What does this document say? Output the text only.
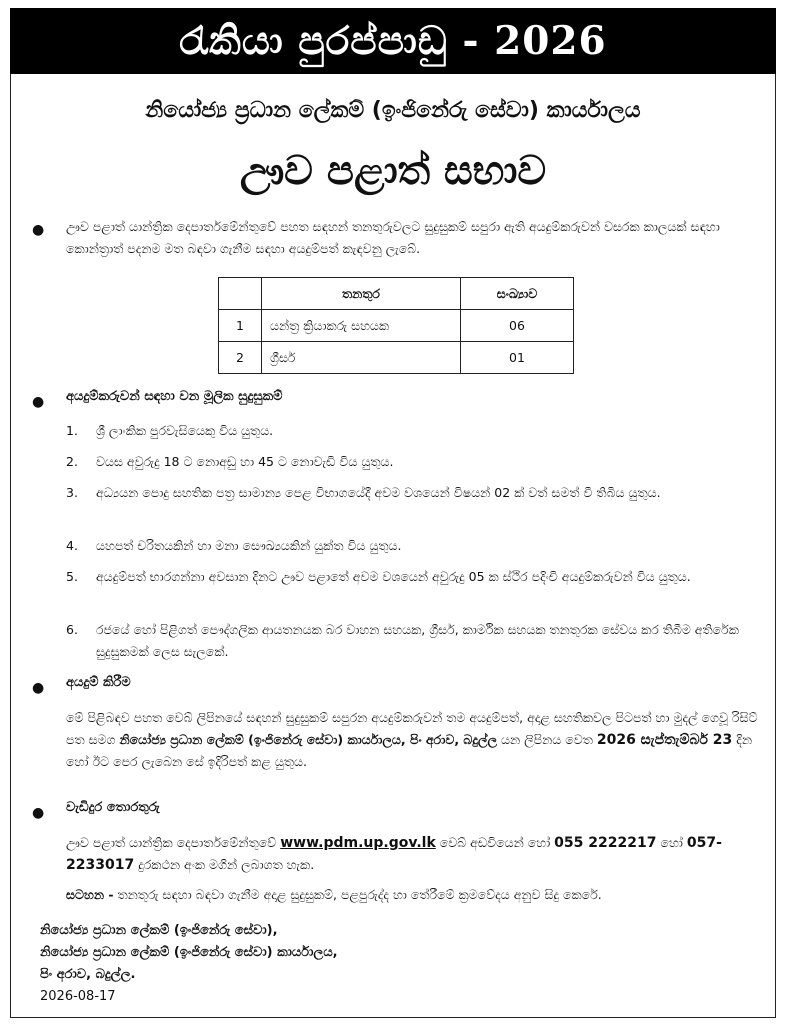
රැකියා පුරප්පාඩු - 2026
නියෝජ්‍ය ප්‍රධාන ලේකම් (ඉංජිනේරු සේවා) කාර්යාලය
ඌව පළාත් සභාව
● ඌව පළාත් යාන්ත්‍රික දෙපාර්තමේන්තුවේ පහත සඳහන් තනතුරුවලට සුදුසුකම් සපුරා ඇති අයදුම්කරුවන් වසරක කාලයක් සඳහා කොන්ත්‍රාත් පදනම මත බඳවා ගැනීම සඳහා අයදුම්පත් කැඳවනු ලැබේ.
	තනතුර	සංඛ්‍යාව
1	යන්ත්‍ර ක්‍රියාකරු සහයක	06
2	ග්‍රීසර්	01
● අයදුම්කරුවන් සඳහා වන මූලික සුදුසුකම්
1. ශ්‍රී ලාංකික පුරවැසියෙකු විය යුතුය.
2. වයස අවුරුදු 18 ට නොඅඩු හා 45 ට නොවැඩි විය යුතුය.
3. අධ්‍යයන පොදු සහතික පත්‍ර සාමාන්‍ය පෙළ විභාගයේදී අවම වශයෙන් විෂයන් 02 ක් වත් සමත් වී තිබිය යුතුය.
4. යහපත් චරිතයකින් හා මනා සෞඛ්‍යයකින් යුක්ත විය යුතුය.
5. අයදුම්පත් භාරගන්නා අවසාන දිනට ඌව පළාතේ අවම වශයෙන් අවුරුදු 05 ක ස්ථිර පදිංචි අයදුම්කරුවන් විය යුතුය.
6. රජයේ හෝ පිළිගත් පෞද්ගලික ආයතනයක බර වාහන සහයක, ග්‍රීසර්, කාර්මික සහයක තනතුරක සේවය කර තිබීම අතිරේක සුදුසුකමක් ලෙස සැලකේ.
● අයදුම් කිරීම
මේ පිළිබඳව පහත වෙබ් ලිපිනයේ සඳහන් සුදුසුකම් සපුරන අයදුම්කරුවන් තම අයදුම්පත්, අදාළ සහතිකවල පිටපත් හා මුදල් ගෙවූ රිසිට් පත සමග නියෝජ්‍ය ප්‍රධාන ලේකම් (ඉංජිනේරු සේවා) කාර්යාලය, පිං අරාව, බදුල්ල යන ලිපිනය වෙත 2026 සැප්තැම්බර් 23 දින හෝ ඊට පෙර ලැබෙන සේ ඉදිරිපත් කළ යුතුය.
● වැඩිදුර තොරතුරු
ඌව පළාත් යාන්ත්‍රික දෙපාර්තමේන්තුවේ www.pdm.up.gov.lk වෙබ් අඩවියෙන් හෝ 055 2222217 හෝ 057-2233017 දුරකථන අංක මගින් ලබාගත හැක.
සටහන - තනතුරු සඳහා බඳවා ගැනීම අදාළ සුදුසුකම්, පළපුරුද්ද හා තේරීමේ ක්‍රමවේදය අනුව සිදු කෙරේ.
නියෝජ්‍ය ප්‍රධාන ලේකම් (ඉංජිනේරු සේවා),
නියෝජ්‍ය ප්‍රධාන ලේකම් (ඉංජිනේරු සේවා) කාර්යාලය,
පිං අරාව, බදුල්ල.
2026-08-17
